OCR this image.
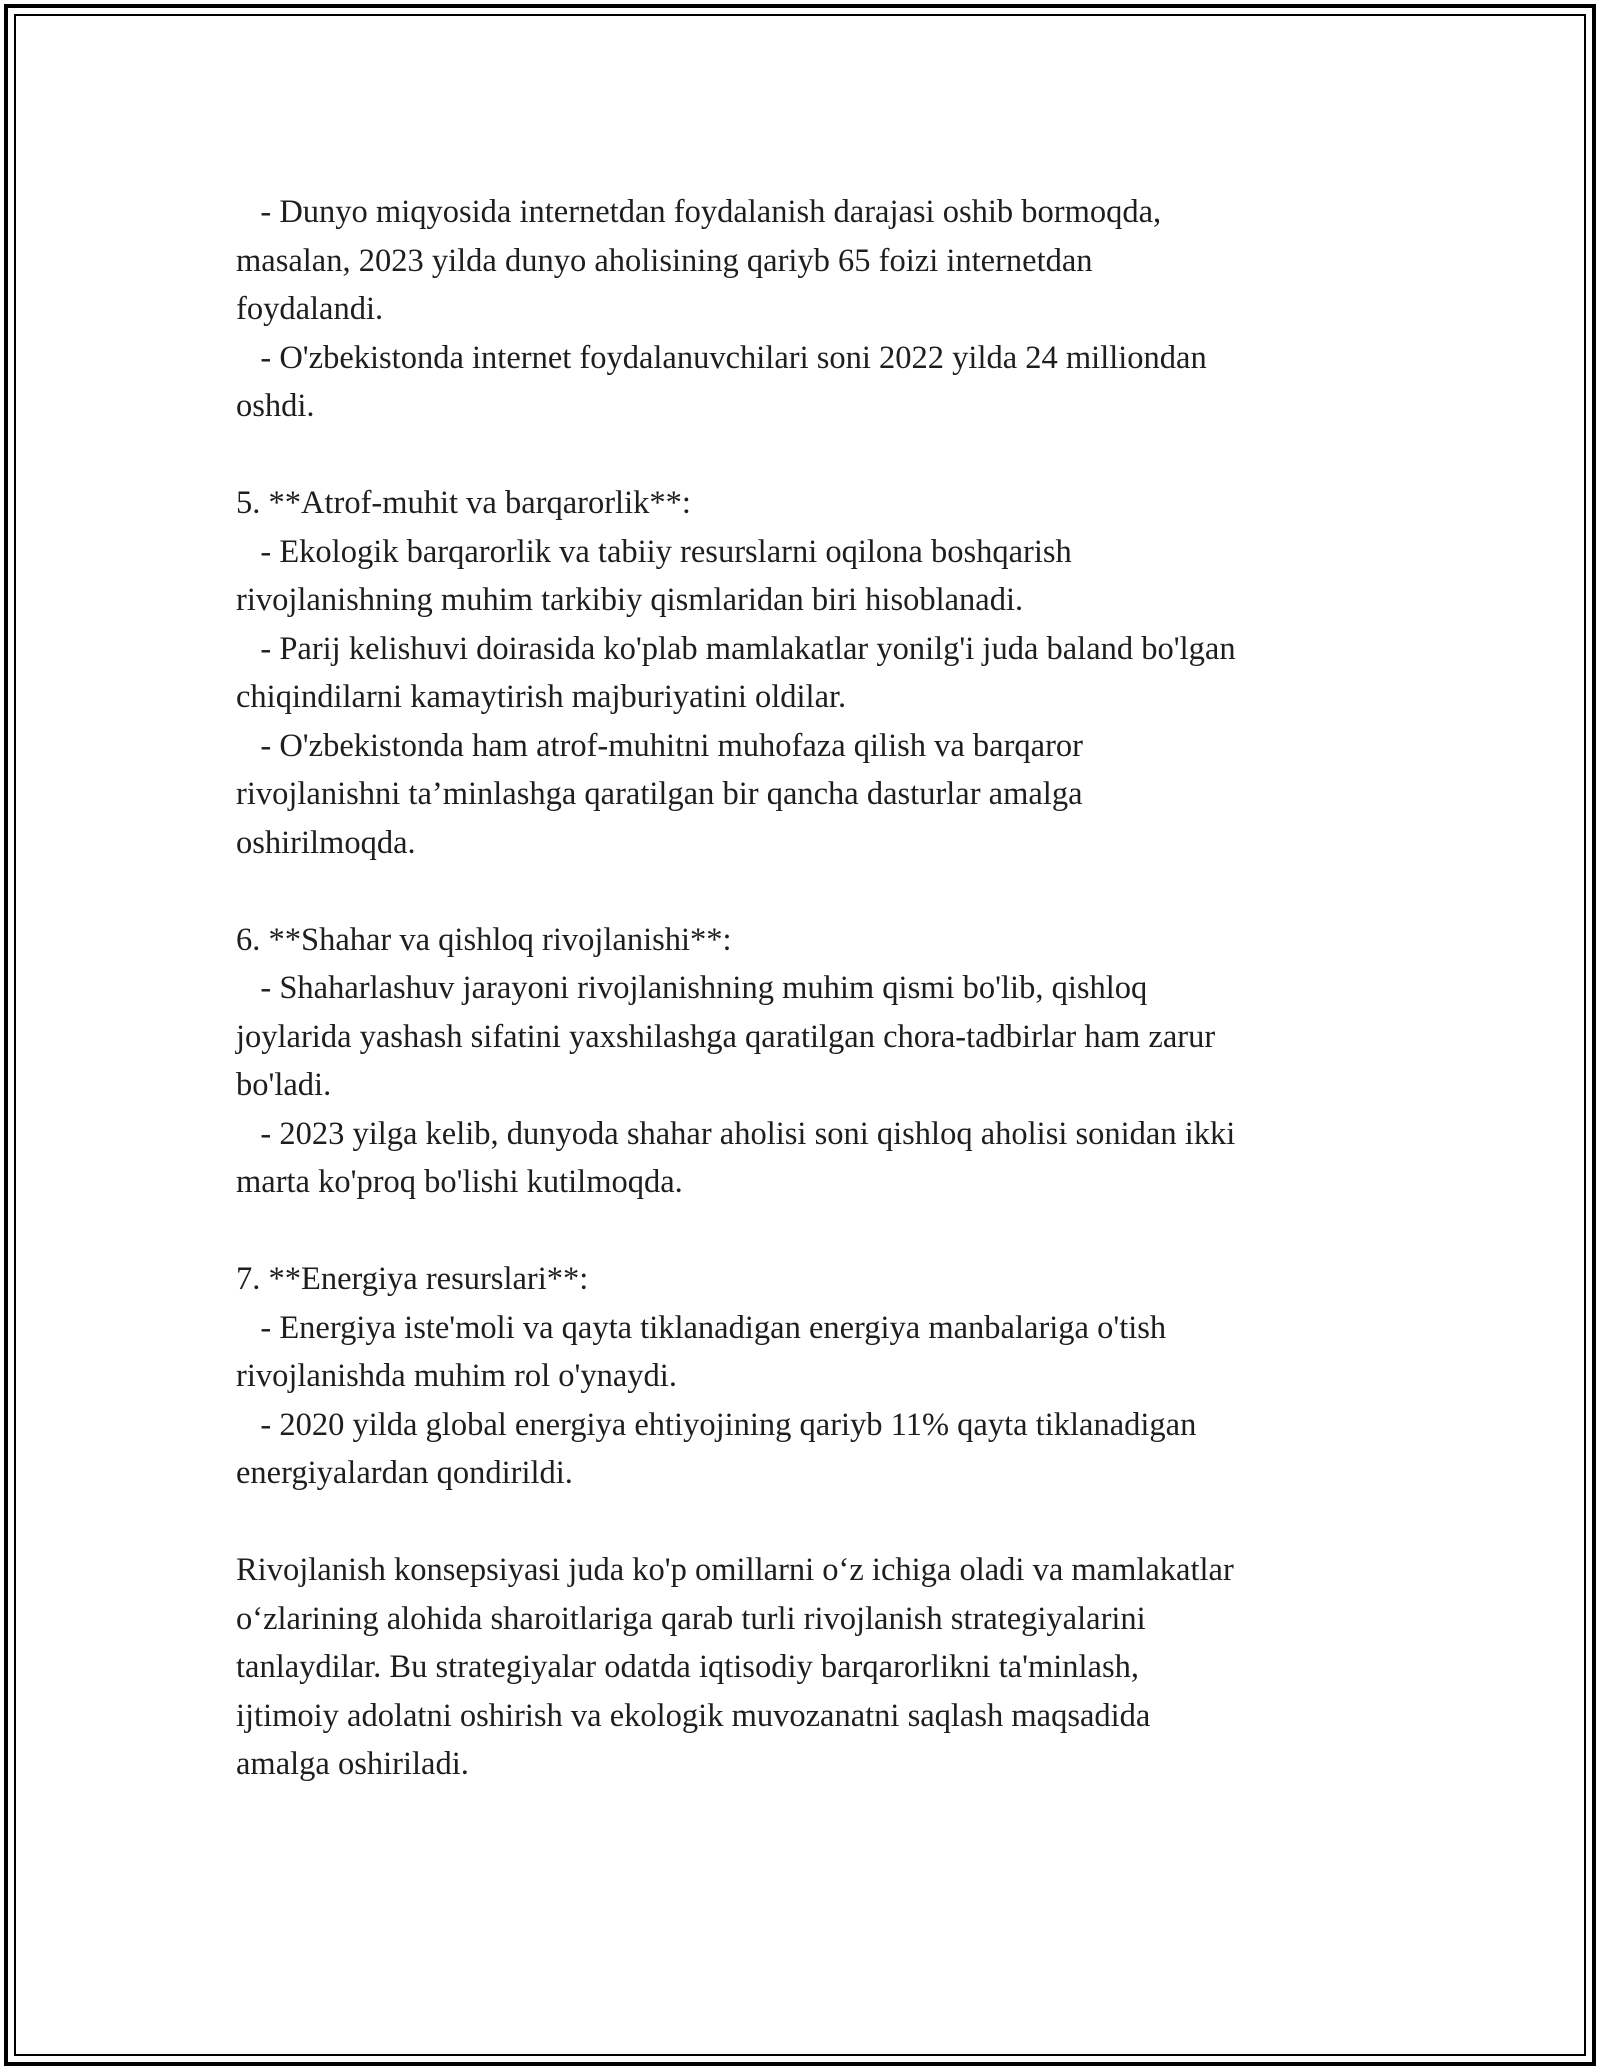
- Dunyo miqyosida internetdan foydalanish darajasi oshib bormoqda,
masalan, 2023 yilda dunyo aholisining qariyb 65 foizi internetdan
foydalandi.
- O'zbekistonda internet foydalanuvchilari soni 2022 yilda 24 milliondan
oshdi.
5. **Atrof-muhit va barqarorlik**:
- Ekologik barqarorlik va tabiiy resurslarni oqilona boshqarish
rivojlanishning muhim tarkibiy qismlaridan biri hisoblanadi.
- Parij kelishuvi doirasida ko'plab mamlakatlar yonilg'i juda baland bo'lgan
chiqindilarni kamaytirish majburiyatini oldilar.
- O'zbekistonda ham atrof-muhitni muhofaza qilish va barqaror
rivojlanishni ta’minlashga qaratilgan bir qancha dasturlar amalga
oshirilmoqda.
6. **Shahar va qishloq rivojlanishi**:
- Shaharlashuv jarayoni rivojlanishning muhim qismi bo'lib, qishloq
joylarida yashash sifatini yaxshilashga qaratilgan chora-tadbirlar ham zarur
bo'ladi.
- 2023 yilga kelib, dunyoda shahar aholisi soni qishloq aholisi sonidan ikki
marta ko'proq bo'lishi kutilmoqda.
7. **Energiya resurslari**:
- Energiya iste'moli va qayta tiklanadigan energiya manbalariga o'tish
rivojlanishda muhim rol o'ynaydi.
- 2020 yilda global energiya ehtiyojining qariyb 11% qayta tiklanadigan
energiyalardan qondirildi.
Rivojlanish konsepsiyasi juda ko'p omillarni o‘z ichiga oladi va mamlakatlar
o‘zlarining alohida sharoitlariga qarab turli rivojlanish strategiyalarini
tanlaydilar. Bu strategiyalar odatda iqtisodiy barqarorlikni ta'minlash,
ijtimoiy adolatni oshirish va ekologik muvozanatni saqlash maqsadida
amalga oshiriladi.
